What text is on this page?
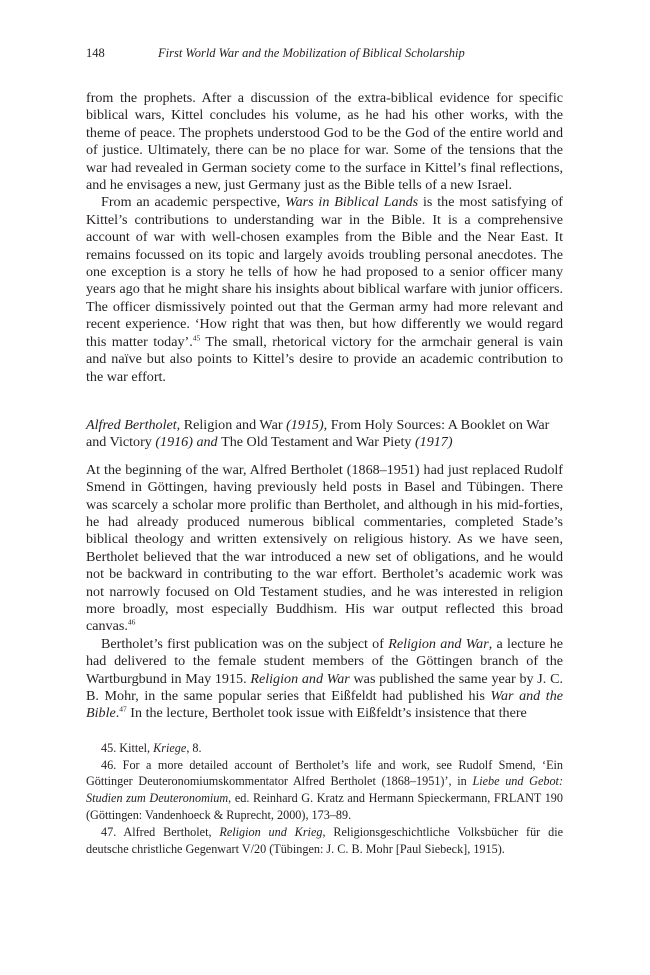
148	First World War and the Mobilization of Biblical Scholarship

from the prophets. After a discussion of the extra-biblical evidence for specific biblical wars, Kittel concludes his volume, as he had his other works, with the theme of peace. The prophets understood God to be the God of the entire world and of justice. Ultimately, there can be no place for war. Some of the tensions that the war had revealed in German society come to the surface in Kittel’s final reflections, and he envisages a new, just Germany just as the Bible tells of a new Israel.

From an academic perspective, Wars in Biblical Lands is the most satisfying of Kittel’s contributions to understanding war in the Bible. It is a comprehensive account of war with well-chosen examples from the Bible and the Near East. It remains focussed on its topic and largely avoids troubling personal anecdotes. The one exception is a story he tells of how he had proposed to a senior officer many years ago that he might share his insights about biblical warfare with junior officers. The officer dismissively pointed out that the German army had more relevant and recent experience. ‘How right that was then, but how differently we would regard this matter today’.$^{45}$ The small, rhetorical victory for the armchair general is vain and naïve but also points to Kittel’s desire to provide an academic contribution to the war effort.

Alfred Bertholet, Religion and War (1915), From Holy Sources: A Booklet on War and Victory (1916) and The Old Testament and War Piety (1917)

At the beginning of the war, Alfred Bertholet (1868–1951) had just replaced Rudolf Smend in Göttingen, having previously held posts in Basel and Tübingen. There was scarcely a scholar more prolific than Bertholet, and although in his mid-forties, he had already produced numerous biblical commentaries, completed Stade’s biblical theology and written extensively on religious history. As we have seen, Bertholet believed that the war introduced a new set of obligations, and he would not be backward in contributing to the war effort. Bertholet’s academic work was not narrowly focused on Old Testament studies, and he was interested in religion more broadly, most especially Buddhism. His war output reflected this broad canvas.$^{46}$

Bertholet’s first publication was on the subject of Religion and War, a lecture he had delivered to the female student members of the Göttingen branch of the Wartburgbund in May 1915. Religion and War was published the same year by J. C. B. Mohr, in the same popular series that Eißfeldt had published his War and the Bible.$^{47}$ In the lecture, Bertholet took issue with Eißfeldt’s insistence that there

45. Kittel, Kriege, 8.

46. For a more detailed account of Bertholet’s life and work, see Rudolf Smend, ‘Ein Göttinger Deuteronomiumskommentator Alfred Bertholet (1868–1951)’, in Liebe und Gebot: Studien zum Deuteronomium, ed. Reinhard G. Kratz and Hermann Spieckermann, FRLANT 190 (Göttingen: Vandenhoeck & Ruprecht, 2000), 173–89.

47. Alfred Bertholet, Religion und Krieg, Religionsgeschichtliche Volksbücher für die deutsche christliche Gegenwart V/20 (Tübingen: J. C. B. Mohr [Paul Siebeck], 1915).
